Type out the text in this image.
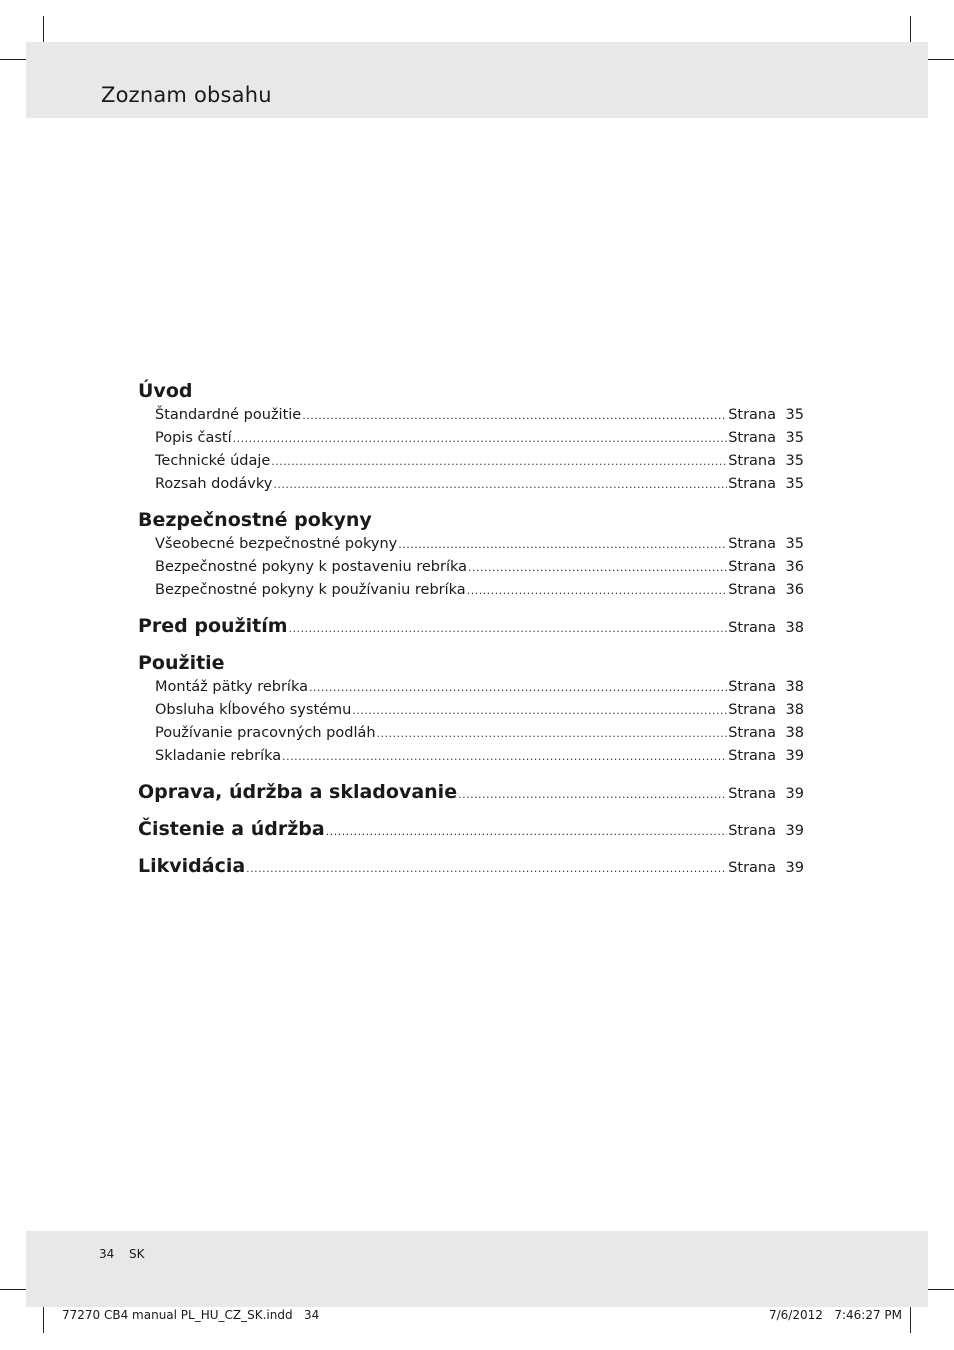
Zoznam obsahu
Úvod
Štandardné použitie .....	Strana 35
Popis častí .....	Strana 35
Technické údaje .....	Strana 35
Rozsah dodávky .....	Strana 35
Bezpečnostné pokyny
Všeobecné bezpečnostné pokyny .....	Strana 35
Bezpečnostné pokyny k postaveniu rebríka .....	Strana 36
Bezpečnostné pokyny k používaniu rebríka .....	Strana 36
Pred použitím .....	Strana 38
Použitie
Montáž pätky rebríka .....	Strana 38
Obsluha kĺbového systému .....	Strana 38
Používanie pracovných podláh .....	Strana 38
Skladanie rebríka .....	Strana 39
Oprava, údržba a skladovanie .....	Strana 39
Čistenie a údržba .....	Strana 39
Likvidácia .....	Strana 39
34 SK
77270 CB4 manual PL_HU_CZ_SK.indd   34	7/6/2012   7:46:27 PM
